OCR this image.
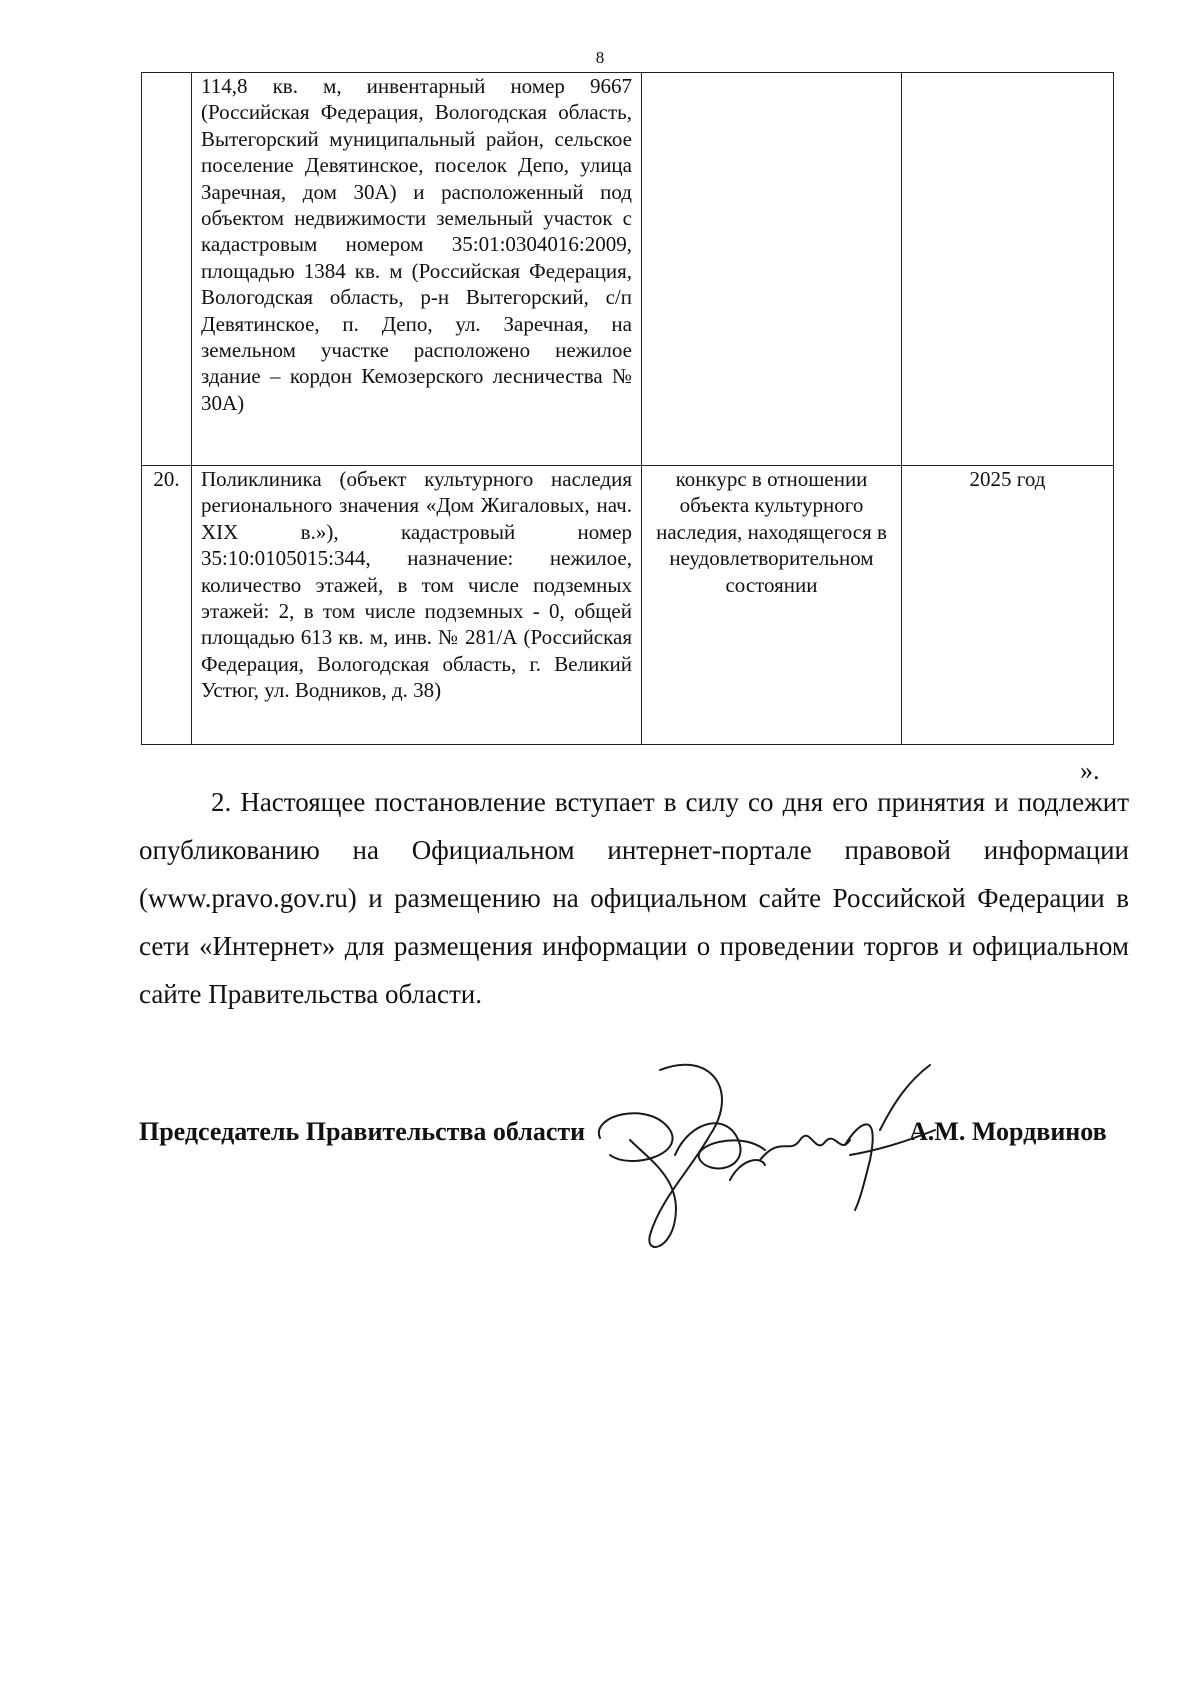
8
	114,8 кв. м, инвентарный номер 9667 (Российская Федерация, Вологодская область, Вытегорский муниципальный район, сельское поселение Девятинское, поселок Депо, улица Заречная, дом 30А) и расположенный под объектом недвижимости земельный участок с кадастровым номером 35:01:0304016:2009, площадью 1384 кв. м (Российская Федерация, Вологодская область, р-н Вытегорский, с/п Девятинское, п. Депо, ул. Заречная, на земельном участке расположено нежилое здание – кордон Кемозерского лесничества № 30А)		
20.	Поликлиника (объект культурного наследия регионального значения «Дом Жигаловых, нач. XIX в.»), кадастровый номер 35:10:0105015:344, назначение: нежилое, количество этажей, в том числе подземных этажей: 2, в том числе подземных - 0, общей площадью 613 кв. м, инв. № 281/А (Российская Федерация, Вологодская область, г. Великий Устюг, ул. Водников, д. 38)	конкурс в отношении объекта культурного наследия, находящегося в неудовлетворительном состоянии	2025 год
».

2. Настоящее постановление вступает в силу со дня его принятия и подлежит опубликованию на Официальном интернет-портале правовой информации (www.pravo.gov.ru) и размещению на официальном сайте Российской Федерации в сети «Интернет» для размещения информации о проведении торгов и официальном сайте Правительства области.

Председатель Правительства области	А.М. Мордвинов
